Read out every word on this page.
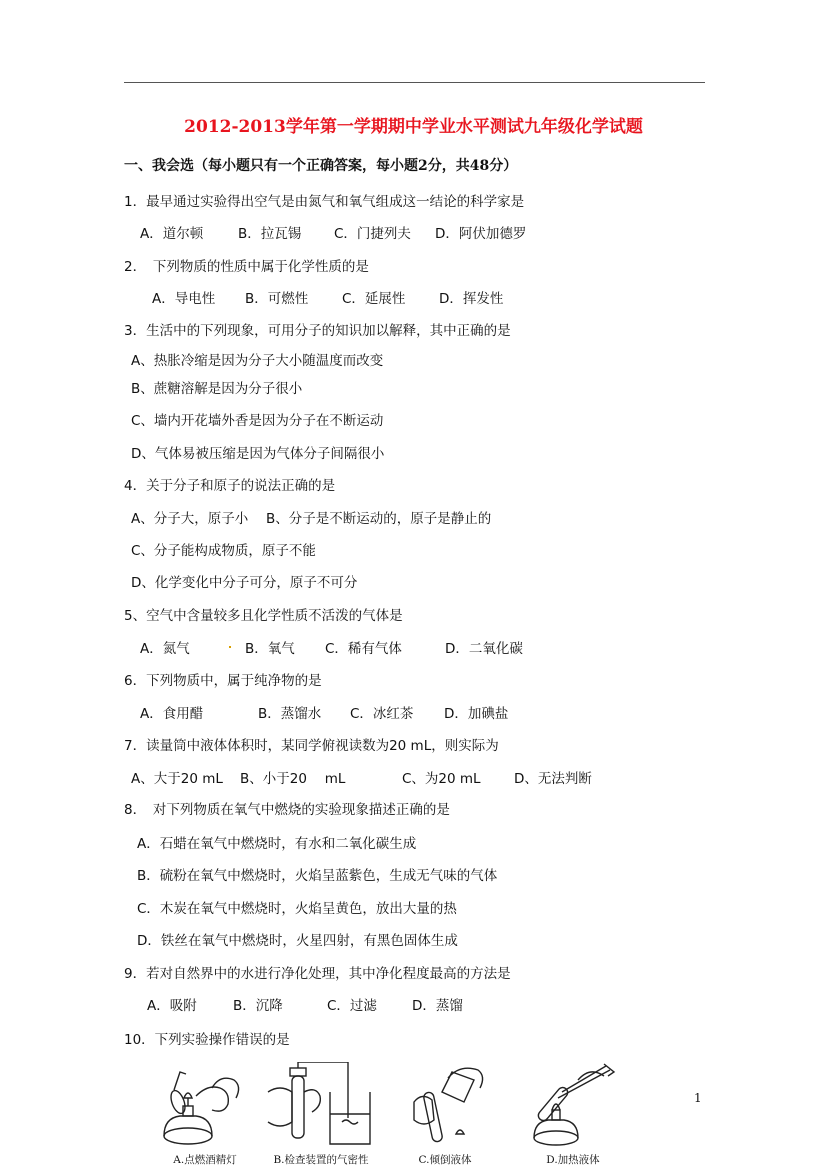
2012-2013学年第一学期期中学业水平测试九年级化学试题
一、我会选（每小题只有一个正确答案，每小题2分，共48分）
1．最早通过实验得出空气是由氮气和氧气组成这一结论的科学家是
A．道尔顿	B．拉瓦锡 C．门捷列夫 D．阿伏加德罗
2．　下列物质的性质中属于化学性质的是
A．导电性 B．可燃性 C．延展性 D．挥发性
3．生活中的下列现象，可用分子的知识加以解释，其中正确的是
A、热胀冷缩是因为分子大小随温度而改变
B、蔗糖溶解是因为分子很小
C、墙内开花墙外香是因为分子在不断运动
D、气体易被压缩是因为气体分子间隔很小
4．关于分子和原子的说法正确的是
A、分子大，原子小 B、分子是不断运动的，原子是静止的
C、分子能构成物质，原子不能
D、化学变化中分子可分，原子不可分
5、空气中含量较多且化学性质不活泼的气体是
A．氮气	B．氧气 C．稀有气体	D．二氧化碳
6．下列物质中，属于纯净物的是
A．食用醋	B．蒸馏水 C．冰红茶 D．加碘盐
7．读量筒中液体体积时，某同学俯视读数为20 mL，则实际为
A、大于20 mL B、小于20　 mL	C、为20 mL D、无法判断
8．　对下列物质在氧气中燃烧的实验现象描述正确的是
A．石蜡在氧气中燃烧时，有水和二氧化碳生成
B．硫粉在氧气中燃烧时，火焰呈蓝紫色，生成无气味的气体
C．木炭在氧气中燃烧时，火焰呈黄色，放出大量的热
D．铁丝在氧气中燃烧时，火星四射，有黑色固体生成
9．若对自然界中的水进行净化处理，其中净化程度最高的方法是
A．吸附	B．沉降	C．过滤	D．蒸馏
10．下列实验操作错误的是
A.点燃酒精灯	B.检查装置的气密性	C.倾倒液体	D.加热液体
1
